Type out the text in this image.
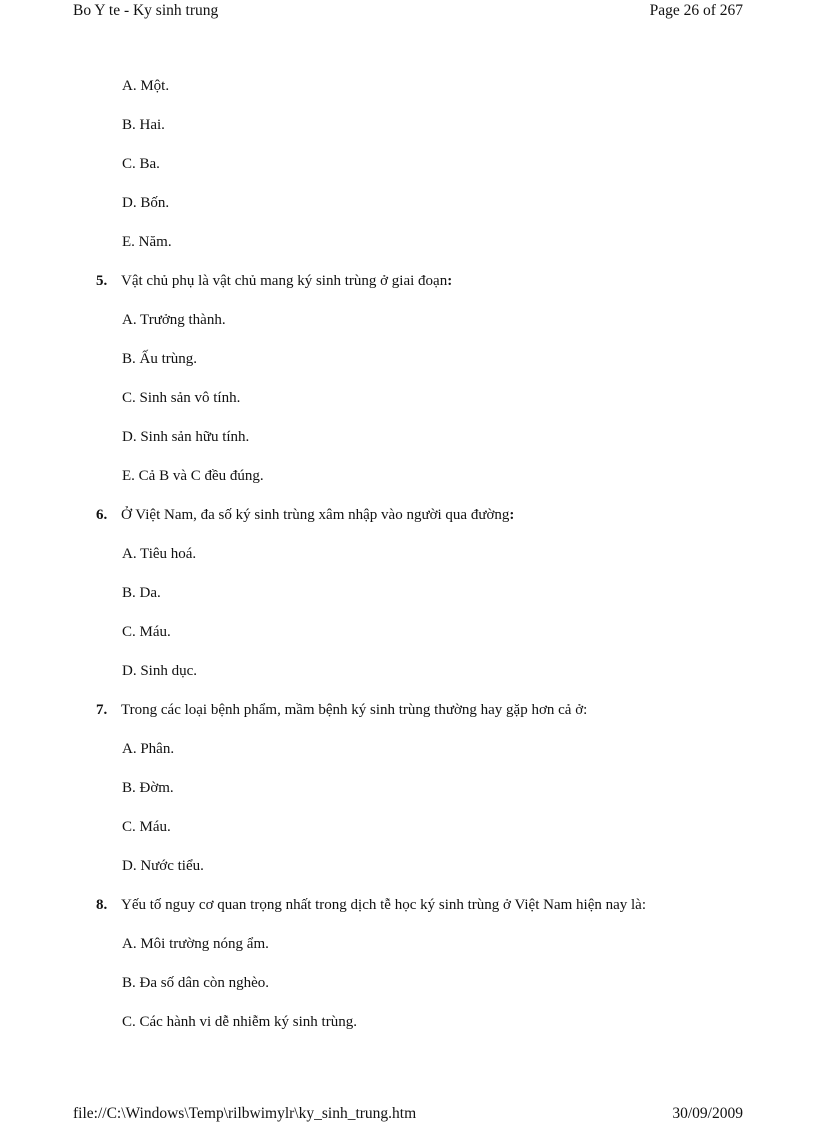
Bo Y te - Ky sinh trung	Page 26 of 267
A. Một.
B. Hai.
C. Ba.
D. Bốn.
E. Năm.
5. Vật chủ phụ là vật chủ mang ký sinh trùng ở giai đoạn:
A. Trưởng thành.
B. Ấu trùng.
C. Sinh sản vô tính.
D. Sinh sản hữu tính.
E. Cả B và C đều đúng.
6. Ở Việt Nam, đa số ký sinh trùng xâm nhập vào người qua đường:
A. Tiêu hoá.
B. Da.
C. Máu.
D. Sinh dục.
7. Trong các loại bệnh phẩm, mầm bệnh ký sinh trùng thường hay gặp hơn cả ở:
A. Phân.
B. Đờm.
C. Máu.
D. Nước tiểu.
8. Yếu tố nguy cơ quan trọng nhất trong dịch tễ học ký sinh trùng ở Việt Nam hiện nay là:
A. Môi trường nóng ẩm.
B. Đa số dân còn nghèo.
C. Các hành vi dễ nhiễm ký sinh trùng.
file://C:\Windows\Temp\rilbwimylr\ky_sinh_trung.htm	30/09/2009
